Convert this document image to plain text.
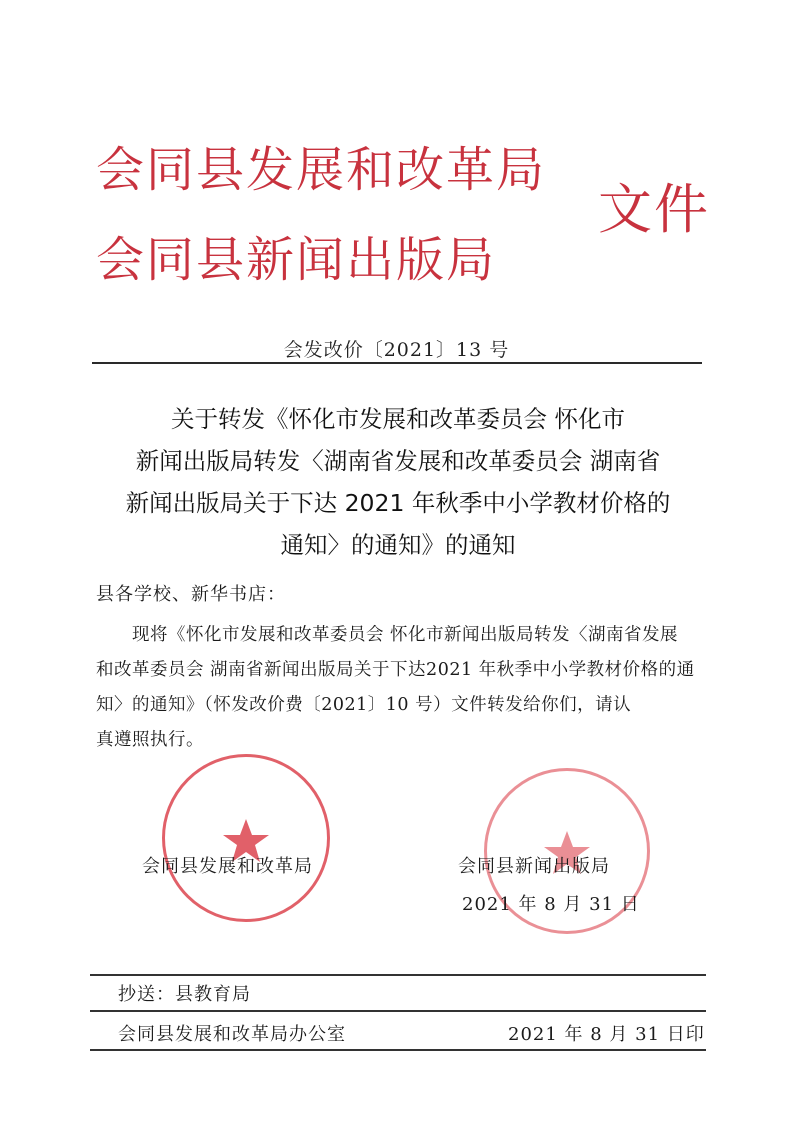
会同县发展和改革局
会同县新闻出版局
文件
会发改价〔2021〕13 号
关于转发《怀化市发展和改革委员会 怀化市
新闻出版局转发〈湖南省发展和改革委员会 湖南省
新闻出版局关于下达 2021 年秋季中小学教材价格的
通知〉的通知》的通知
县各学校、新华书店：
现将《怀化市发展和改革委员会 怀化市新闻出版局转发〈湖南省发展
和改革委员会 湖南省新闻出版局关于下达2021 年秋季中小学教材价格的通
知〉的通知》（怀发改价费〔2021〕10 号）文件转发给你们，请认
真遵照执行。
会同县发展和改革局	会同县新闻出版局
2021 年 8 月 31 日
抄送：县教育局
会同县发展和改革局办公室	2021 年 8 月 31 日印
